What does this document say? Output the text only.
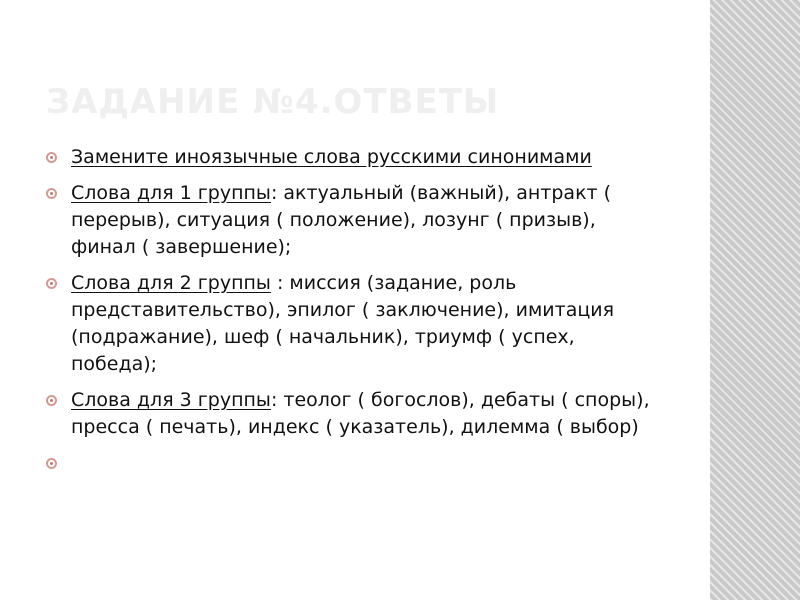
ЗАДАНИЕ №4.ОТВЕТЫ
Замените иноязычные слова русскими синонимами
Слова для 1 группы: актуальный (важный), антракт ( перерыв), ситуация ( положение), лозунг ( призыв), финал ( завершение);
Слова для 2 группы : миссия (задание, роль представительство), эпилог ( заключение), имитация (подражание), шеф ( начальник), триумф ( успех, победа);
Слова для 3 группы: теолог ( богослов), дебаты ( споры), пресса ( печать), индекс ( указатель), дилемма ( выбор)
